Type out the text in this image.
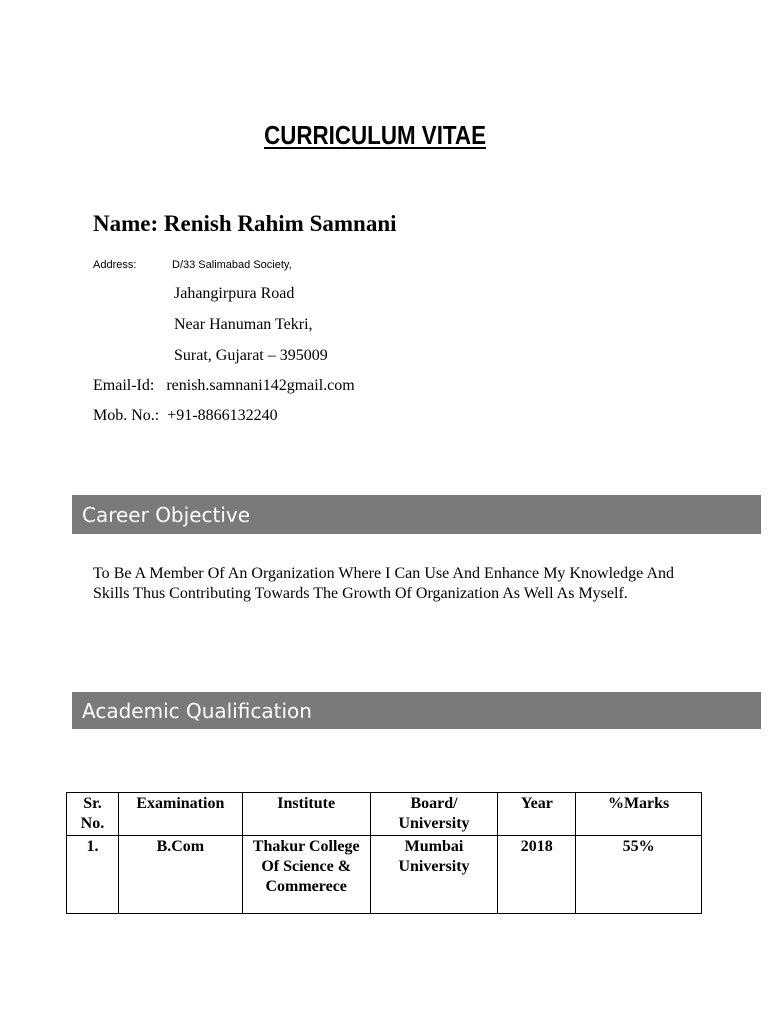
CURRICULUM VITAE
Name: Renish Rahim Samnani
Address:	D/33 Salimabad Society,
Jahangirpura Road
Near Hanuman Tekri,
Surat, Gujarat – 395009
Email-Id: renish.samnani142gmail.com
Mob. No.: +91-8866132240
Career Objective
To Be A Member Of An Organization Where I Can Use And Enhance My Knowledge And Skills Thus Contributing Towards The Growth Of Organization As Well As Myself.
Academic Qualification
Sr. No.	Examination	Institute	Board/ University	Year	%Marks
1.	B.Com	Thakur College Of Science & Commerece	Mumbai University	2018	55%
